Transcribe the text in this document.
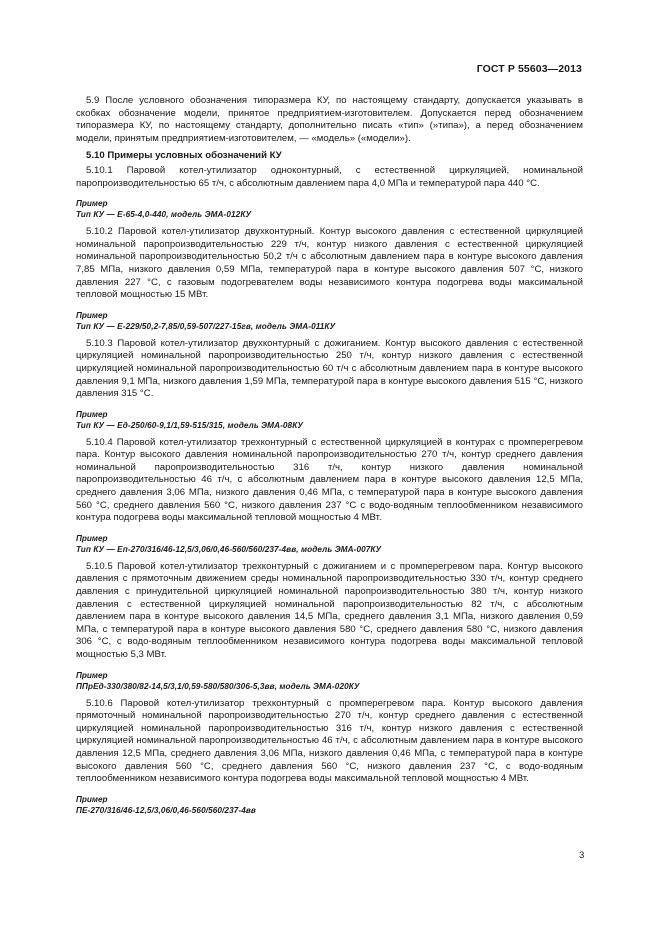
ГОСТ Р 55603—2013

5.9 После условного обозначения типоразмера КУ, по настоящему стандарту, допускается указывать в скобках обозначение модели, принятое предприятием-изготовителем. Допускается перед обозначением типоразмера КУ, по настоящему стандарту, дополнительно писать «тип» (»типа»), а перед обозначением модели, принятым предприятием-изготовителем, — «модель» («модели»).

5.10 Примеры условных обозначений КУ

5.10.1 Паровой котел-утилизатор одноконтурный, с естественной циркуляцией, номинальной паропроизводительностью 65 т/ч, с абсолютным давлением пара 4,0 МПа и температурой пара 440 °С.

Пример

Тип КУ — Е-65-4,0-440, модель ЭМА-012КУ

5.10.2 Паровой котел-утилизатор двухконтурный. Контур высокого давления с естественной циркуляцией номинальной паропроизводительностью 229 т/ч, контур низкого давления с естественной циркуляцией номинальной паропроизводительностью 50,2 т/ч с абсолютным давлением пара в контуре высокого давления 7,85 МПа, низкого давления 0,59 МПа, температурой пара в контуре высокого давления 507 °С, низкого давления 227 °С, с газовым подогревателем воды независимого контура подогрева воды максимальной тепловой мощностью 15 МВт.

Пример

Тип КУ — Е-229/50,2-7,85/0,59-507/227-15гв, модель ЭМА-011КУ

5.10.3 Паровой котел-утилизатор двухконтурный с дожиганием. Контур высокого давления с естественной циркуляцией номинальной паропроизводительностью 250 т/ч, контур низкого давления с естественной циркуляцией номинальной паропроизводительностью 60 т/ч с абсолютным давлением пара в контуре высокого давления 9,1 МПа, низкого давления 1,59 МПа, температурой пара в контуре высокого давления 515 °С, низкого давления 315 °С.

Пример

Тип КУ — Ед-250/60-9,1/1,59-515/315, модель ЭМА-08КУ

5.10.4 Паровой котел-утилизатор трехконтурный с естественной циркуляцией в контурах с промперегревом пара. Контур высокого давления номинальной паропроизводительностью 270 т/ч, контур среднего давления номинальной паропроизводительностью 316 т/ч, контур низкого давления номинальной паропроизводительностью 46 т/ч, с абсолютным давлением пара в контуре высокого давления 12,5 МПа, среднего давления 3,06 МПа, низкого давления 0,46 МПа, с температурой пара в контуре высокого давления 560 °С, среднего давления 560 °С, низкого давления 237 °С с водо-водяным теплообменником независимого контура подогрева воды максимальной тепловой мощностью 4 МВт.

Пример

Тип КУ — Еп-270/316/46-12,5/3,06/0,46-560/560/237-4вв, модель ЭМА-007КУ

5.10.5 Паровой котел-утилизатор трехконтурный с дожиганием и с промперегревом пара. Контур высокого давления с прямоточным движением среды номинальной паропроизводительностью 330 т/ч, контур среднего давления с принудительной циркуляцией номинальной паропроизводительностью 380 т/ч, контур низкого давления с естественной циркуляцией номинальной паропроизводительностью 82 т/ч, с абсолютным давлением пара в контуре высокого давления 14,5 МПа, среднего давления 3,1 МПа, низкого давления 0,59 МПа, с температурой пара в контуре высокого давления 580 °С, среднего давления 580 °С, низкого давления 306 °С, с водо-водяным теплообменником независимого контура подогрева воды максимальной тепловой мощностью 5,3 МВт.

Пример

ППрЕд-330/380/82-14,5/3,1/0,59-580/580/306-5,3вв, модель ЭМА-020КУ

5.10.6 Паровой котел-утилизатор трехконтурный с промперегревом пара. Контур высокого давления прямоточный номинальной паропроизводительностью 270 т/ч, контур среднего давления с естественной циркуляцией номинальной паропроизводительностью 316 т/ч, контур низкого давления с естественной циркуляцией номинальной паропроизводительностью 46 т/ч, с абсолютным давлением пара в контуре высокого давления 12,5 МПа, среднего давления 3,06 МПа, низкого давления 0,46 МПа, с температурой пара в контуре высокого давления 560 °С, среднего давления 560 °С, низкого давления 237 °С, с водо-водяным теплообменником независимого контура подогрева воды максимальной тепловой мощностью 4 МВт.

Пример

ПЕ-270/316/46-12,5/3,06/0,46-560/560/237-4вв

3
